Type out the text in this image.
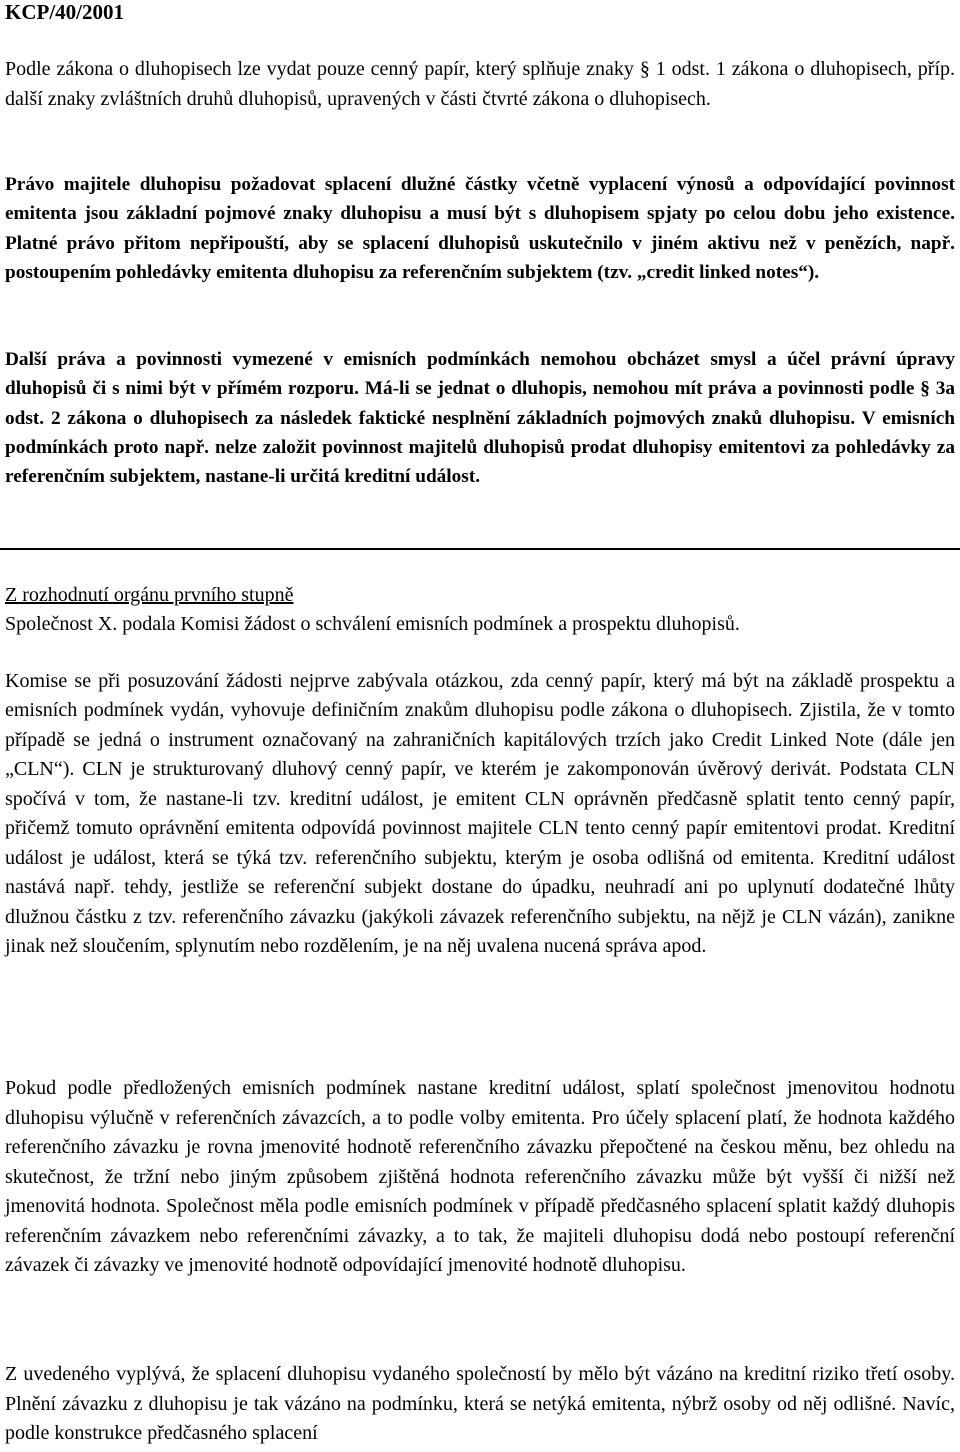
KCP/40/2001

Podle zákona o dluhopisech lze vydat pouze cenný papír, který splňuje znaky § 1 odst. 1 zákona o dluhopisech, příp. další znaky zvláštních druhů dluhopisů, upravených v části čtvrté zákona o dluhopisech.

Právo majitele dluhopisu požadovat splacení dlužné částky včetně vyplacení výnosů a odpovídající povinnost emitenta jsou základní pojmové znaky dluhopisu a musí být s dluhopisem spjaty po celou dobu jeho existence. Platné právo přitom nepřipouští, aby se splacení dluhopisů uskutečnilo v jiném aktivu než v penězích, např. postoupením pohledávky emitenta dluhopisu za referenčním subjektem (tzv. „credit linked notes“).

Další práva a povinnosti vymezené v emisních podmínkách nemohou obcházet smysl a účel právní úpravy dluhopisů či s nimi být v přímém rozporu. Má-li se jednat o dluhopis, nemohou mít práva a povinnosti podle § 3a odst. 2 zákona o dluhopisech za následek faktické nesplnění základních pojmových znaků dluhopisu. V emisních podmínkách proto např. nelze založit povinnost majitelů dluhopisů prodat dluhopisy emitentovi za pohledávky za referenčním subjektem, nastane-li určitá kreditní událost.

Z rozhodnutí orgánu prvního stupně

Společnost X. podala Komisi žádost o schválení emisních podmínek a prospektu dluhopisů.

Komise se při posuzování žádosti nejprve zabývala otázkou, zda cenný papír, který má být na základě prospektu a emisních podmínek vydán, vyhovuje definičním znakům dluhopisu podle zákona o dluhopisech. Zjistila, že v tomto případě se jedná o instrument označovaný na zahraničních kapitálových trzích jako Credit Linked Note (dále jen „CLN“). CLN je strukturovaný dluhový cenný papír, ve kterém je zakomponován úvěrový derivát. Podstata CLN spočívá v tom, že nastane-li tzv. kreditní událost, je emitent CLN oprávněn předčasně splatit tento cenný papír, přičemž tomuto oprávnění emitenta odpovídá povinnost majitele CLN tento cenný papír emitentovi prodat. Kreditní událost je událost, která se týká tzv. referenčního subjektu, kterým je osoba odlišná od emitenta. Kreditní událost nastává např. tehdy, jestliže se referenční subjekt dostane do úpadku, neuhradí ani po uplynutí dodatečné lhůty dlužnou částku z tzv. referenčního závazku (jakýkoli závazek referenčního subjektu, na nějž je CLN vázán), zanikne jinak než sloučením, splynutím nebo rozdělením, je na něj uvalena nucená správa apod.

Pokud podle předložených emisních podmínek nastane kreditní událost, splatí společnost jmenovitou hodnotu dluhopisu výlučně v referenčních závazcích, a to podle volby emitenta. Pro účely splacení platí, že hodnota každého referenčního závazku je rovna jmenovité hodnotě referenčního závazku přepočtené na českou měnu, bez ohledu na skutečnost, že tržní nebo jiným způsobem zjištěná hodnota referenčního závazku může být vyšší či nižší než jmenovitá hodnota. Společnost měla podle emisních podmínek v případě předčasného splacení splatit každý dluhopis referenčním závazkem nebo referenčními závazky, a to tak, že majiteli dluhopisu dodá nebo postoupí referenční závazek či závazky ve jmenovité hodnotě odpovídající jmenovité hodnotě dluhopisu.

Z uvedeného vyplývá, že splacení dluhopisu vydaného společností by mělo být vázáno na kreditní riziko třetí osoby. Plnění závazku z dluhopisu je tak vázáno na podmínku, která se netýká emitenta, nýbrž osoby od něj odlišné. Navíc, podle konstrukce předčasného splacení
